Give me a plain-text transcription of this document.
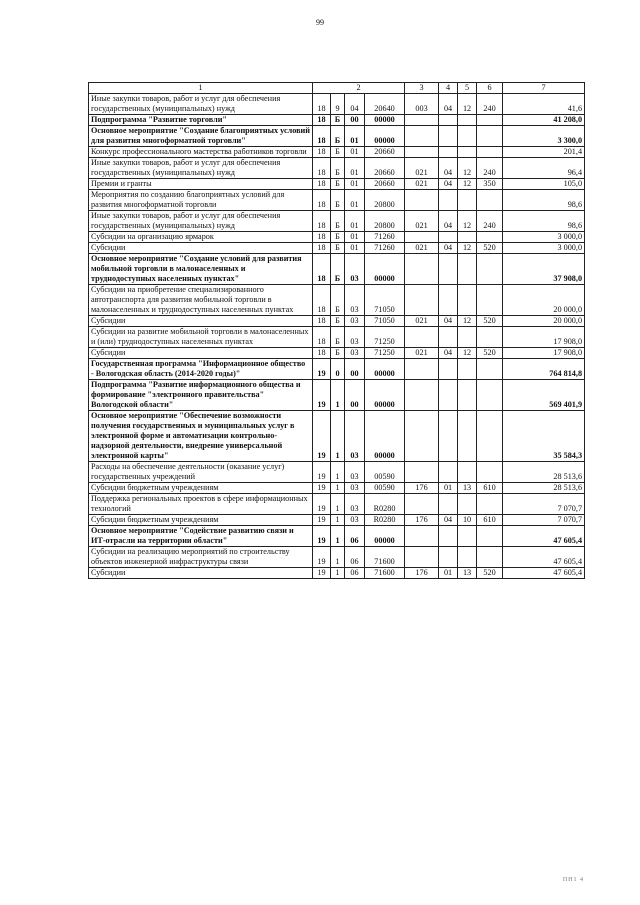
99
1	2				3	4	5	6	7
Иные закупки товаров, работ и услуг для обеспечения государственных (муниципальных) нужд	18	9	04	20640	003	04	12	240	41,6
Подпрограмма "Развитие торговли"	18	Б	00	00000					41 208,0
Основное мероприятие "Создание благоприятных условий для развития многоформатной торговли"	18	Б	01	00000					3 300,0
Конкурс профессионального мастерства работников торговли	18	Б	01	20660					201,4
Иные закупки товаров, работ и услуг для обеспечения государственных (муниципальных) нужд	18	Б	01	20660	021	04	12	240	96,4
Премии и гранты	18	Б	01	20660	021	04	12	350	105,0
Мероприятия по созданию благоприятных условий для развития многоформатной торговли	18	Б	01	20800					98,6
Иные закупки товаров, работ и услуг для обеспечения государственных (муниципальных) нужд	18	Б	01	20800	021	04	12	240	98,6
Субсидии на организацию ярмарок	18	Б	01	71260					3 000,0
Субсидии	18	Б	01	71260	021	04	12	520	3 000,0
Основное мероприятие "Создание условий для развития мобильной торговли в малонаселенных и труднодоступных населенных пунктах"	18	Б	03	00000					37 908,0
Субсидии на приобретение специализированного автотранспорта для развития мобильной торговли в малонаселенных и труднодоступных населенных пунктах	18	Б	03	71050					20 000,0
Субсидии	18	Б	03	71050	021	04	12	520	20 000,0
Субсидии на развитие мобильной торговли в малонаселенных и (или) труднодоступных населенных пунктах	18	Б	03	71250					17 908,0
Субсидии	18	Б	03	71250	021	04	12	520	17 908,0
Государственная программа "Информационное общество - Вологодская область (2014-2020 годы)"	19	0	00	00000					764 814,8
Подпрограмма "Развитие информационного общества и формирование "электронного правительства" Вологодской области"	19	1	00	00000					569 401,9
Основное мероприятие "Обеспечение возможности получения государственных и муниципальных услуг в электронной форме и автоматизации контрольно-надзорной деятельности, внедрение универсальной электронной карты"	19	1	03	00000					35 584,3
Расходы на обеспечение деятельности (оказание услуг) государственных учреждений	19	1	03	00590					28 513,6
Субсидии бюджетным учреждениям	19	1	03	00590	176	01	13	610	28 513,6
Поддержка региональных проектов в сфере информационных технологий	19	1	03	R0280					7 070,7
Субсидии бюджетным учреждениям	19	1	03	R0280	176	04	10	610	7 070,7
Основное мероприятие "Содействие развитию связи и ИТ-отрасли на территории области"	19	1	06	00000					47 605,4
Субсидии на реализацию мероприятий по строительству объектов инженерной инфраструктуры связи	19	1	06	71600					47 605,4
Субсидии	19	1	06	71600	176	01	13	520	47 605,4
ПН1 4
